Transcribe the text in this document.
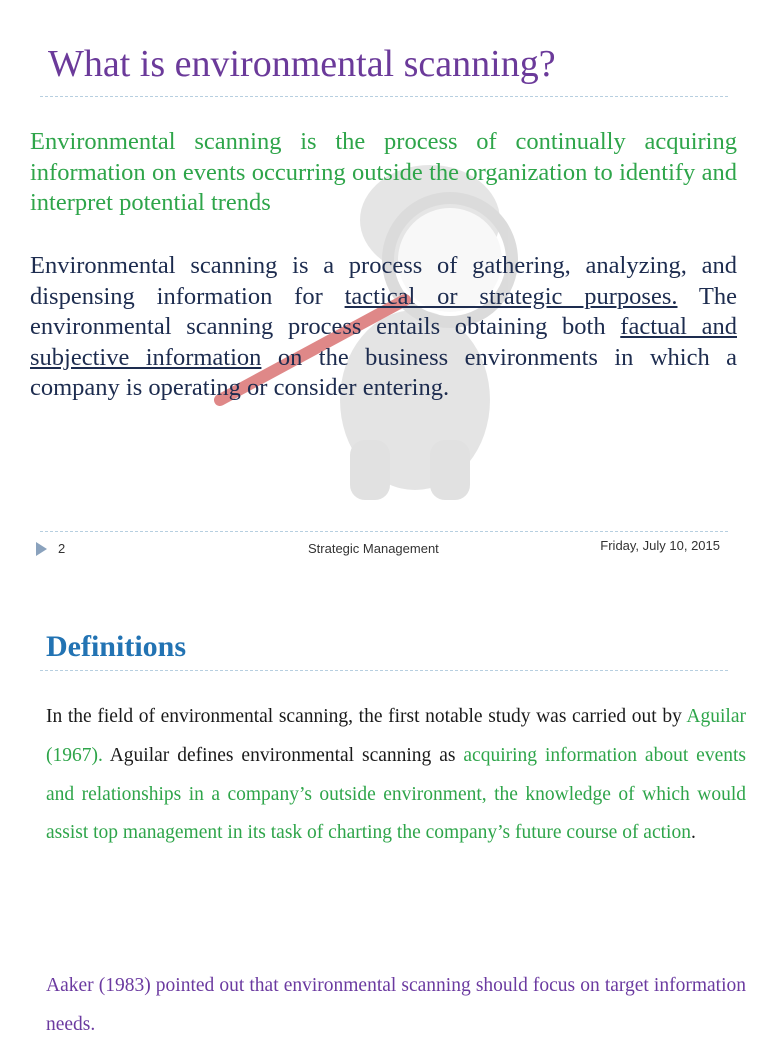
What is environmental scanning?

Environmental scanning is the process of continually acquiring information on events occurring outside the organization to identify and interpret potential trends

Environmental scanning is a process of gathering, analyzing, and dispensing information for tactical or strategic purposes. The environmental scanning process entails obtaining both factual and subjective information on the business environments in which a company is operating or consider entering.

2	Strategic Management	Friday, July 10, 2015
Definitions

In the field of environmental scanning, the first notable study was carried out by Aguilar (1967). Aguilar defines environmental scanning as acquiring information about events and relationships in a company’s outside environment, the knowledge of which would assist top management in its task of charting the company’s future course of action.

Aaker (1983) pointed out that environmental scanning should focus on target information needs.
